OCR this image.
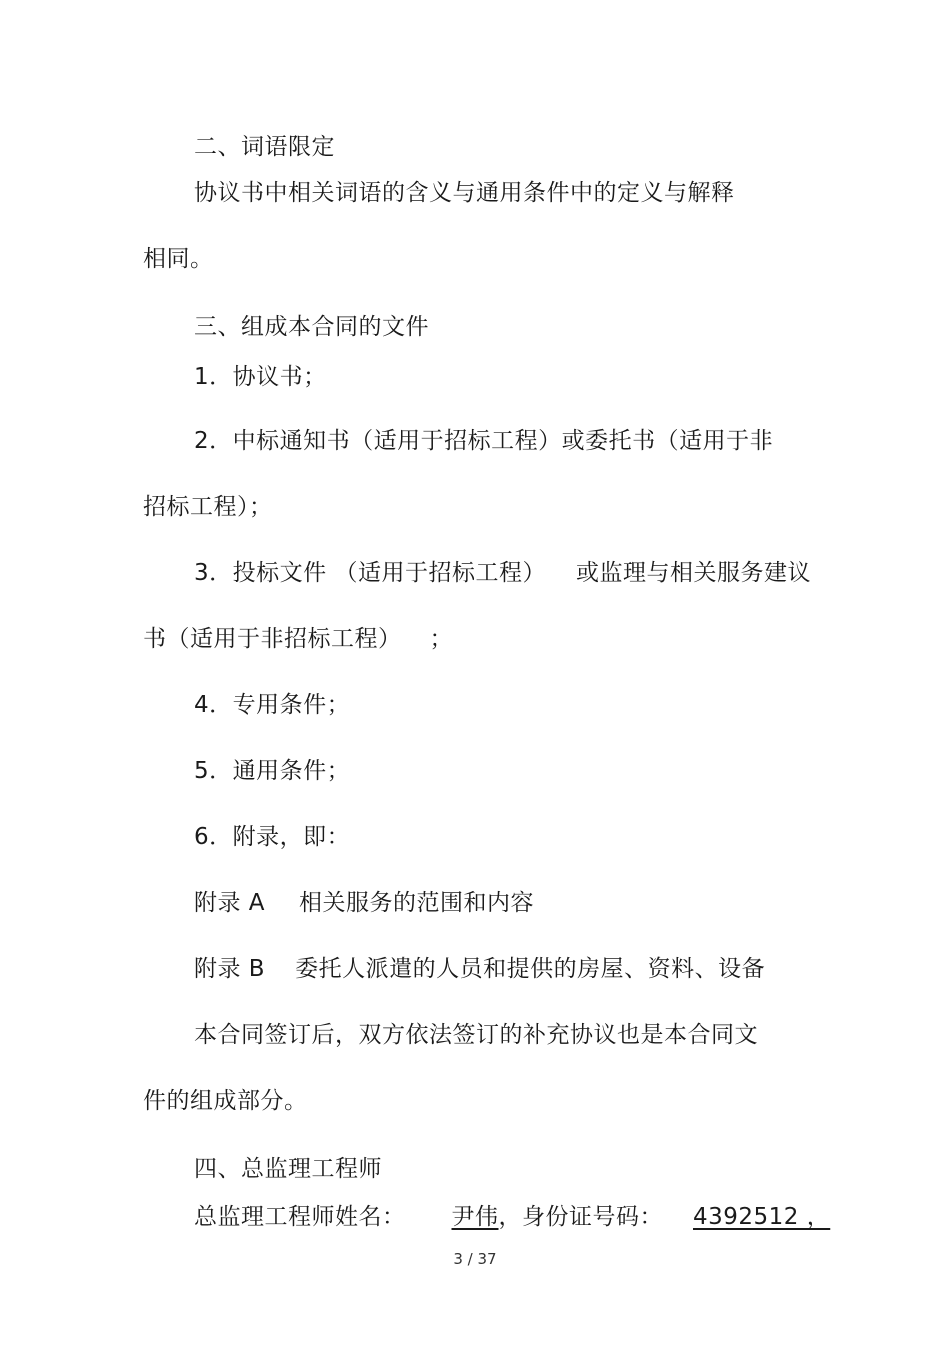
二、词语限定
协议书中相关词语的含义与通用条件中的定义与解释
相同。
三、组成本合同的文件
1．协议书；
2．中标通知书（适用于招标工程）或委托书（适用于非
招标工程）；
3．投标文件 （适用于招标工程） 或监理与相关服务建议
书（适用于非招标工程） ；
4．专用条件；
5．通用条件；
6．附录，即：
附录 A 相关服务的范围和内容
附录 B 委托人派遣的人员和提供的房屋、资料、设备
本合同签订后，双方依法签订的补充协议也是本合同文
件的组成部分。
四、总监理工程师
总监理工程师姓名： 尹伟，身份证号码： 4392512 ，
3 / 37
